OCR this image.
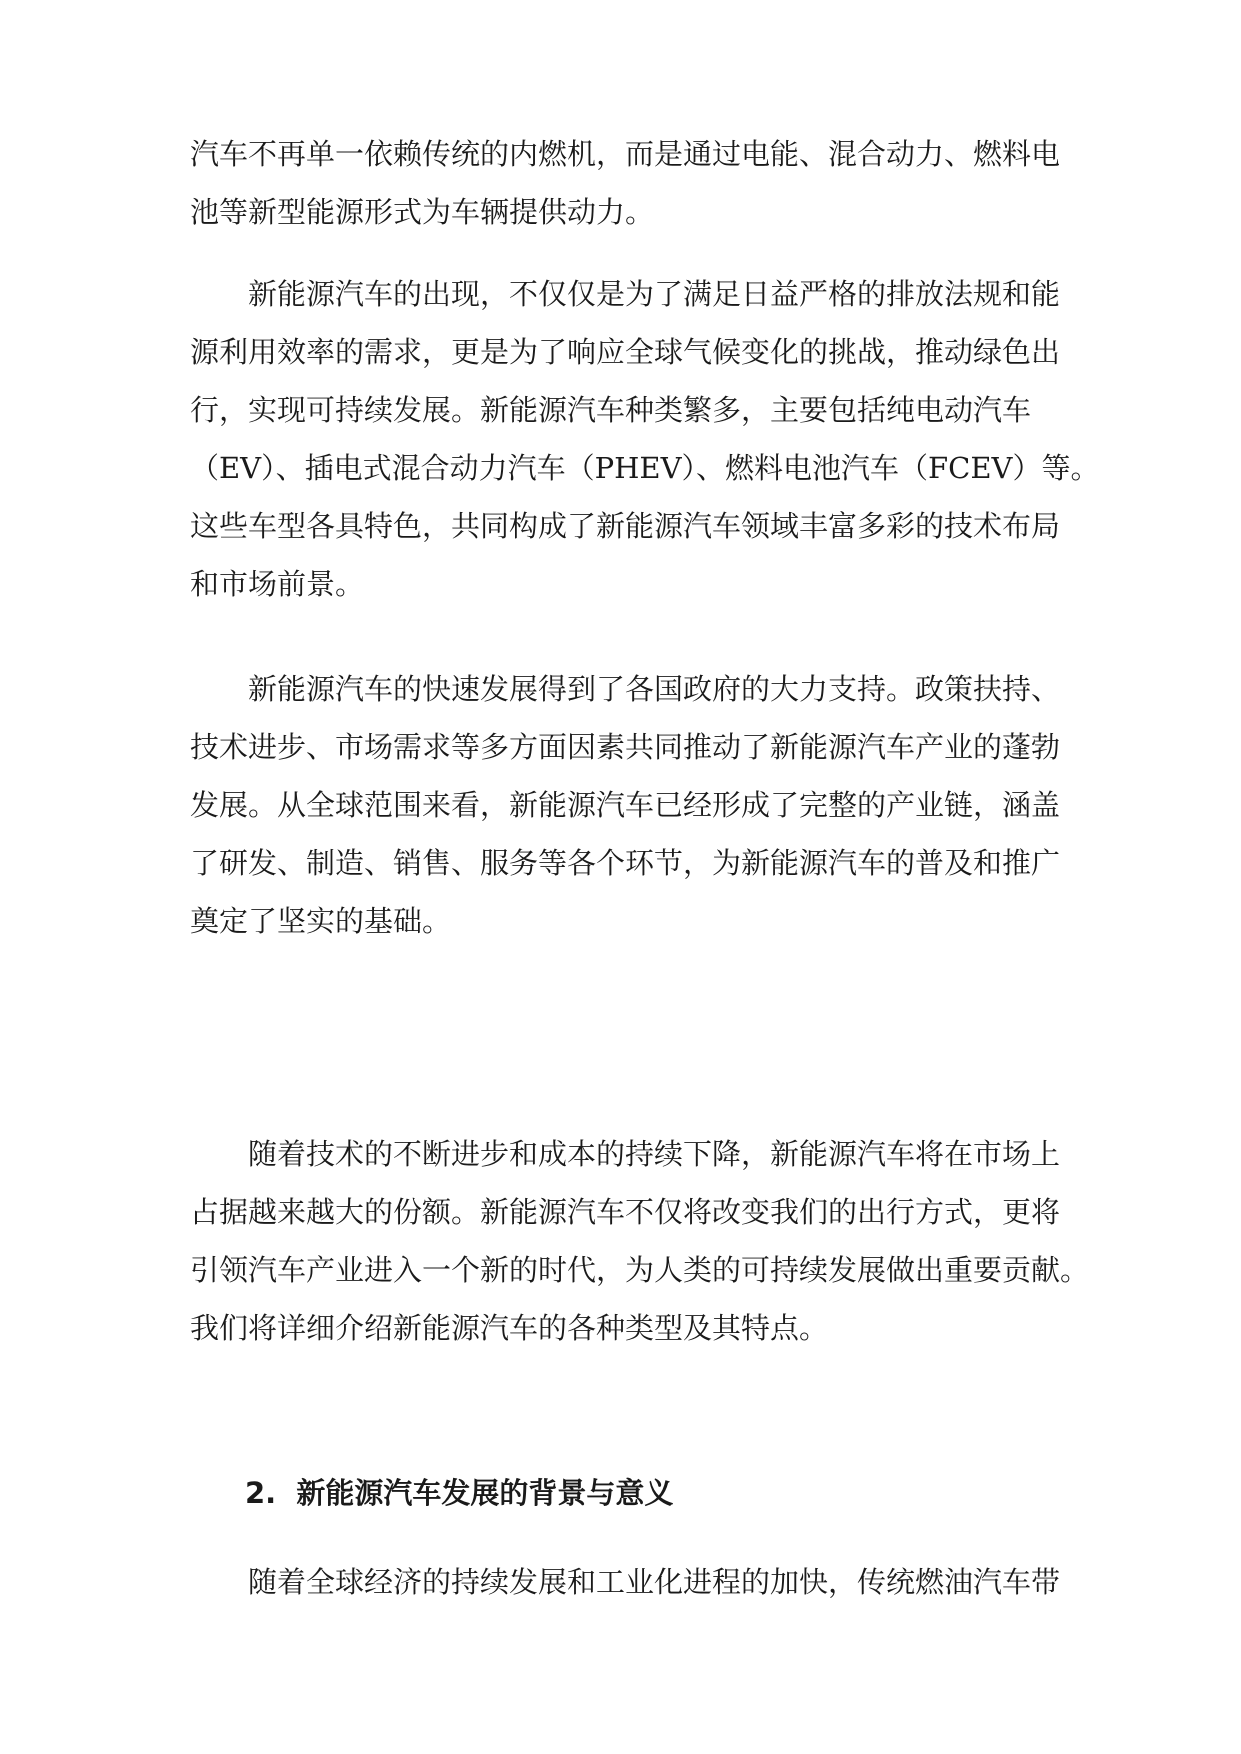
汽车不再单一依赖传统的内燃机，而是通过电能、混合动力、燃料电
池等新型能源形式为车辆提供动力。
新能源汽车的出现，不仅仅是为了满足日益严格的排放法规和能
源利用效率的需求，更是为了响应全球气候变化的挑战，推动绿色出
行，实现可持续发展。新能源汽车种类繁多，主要包括纯电动汽车
（EV）、插电式混合动力汽车（PHEV）、燃料电池汽车（FCEV）等。
这些车型各具特色，共同构成了新能源汽车领域丰富多彩的技术布局
和市场前景。
新能源汽车的快速发展得到了各国政府的大力支持。政策扶持、
技术进步、市场需求等多方面因素共同推动了新能源汽车产业的蓬勃
发展。从全球范围来看，新能源汽车已经形成了完整的产业链，涵盖
了研发、制造、销售、服务等各个环节，为新能源汽车的普及和推广
奠定了坚实的基础。
随着技术的不断进步和成本的持续下降，新能源汽车将在市场上
占据越来越大的份额。新能源汽车不仅将改变我们的出行方式，更将
引领汽车产业进入一个新的时代，为人类的可持续发展做出重要贡献。
我们将详细介绍新能源汽车的各种类型及其特点。
2. 新能源汽车发展的背景与意义
随着全球经济的持续发展和工业化进程的加快，传统燃油汽车带
